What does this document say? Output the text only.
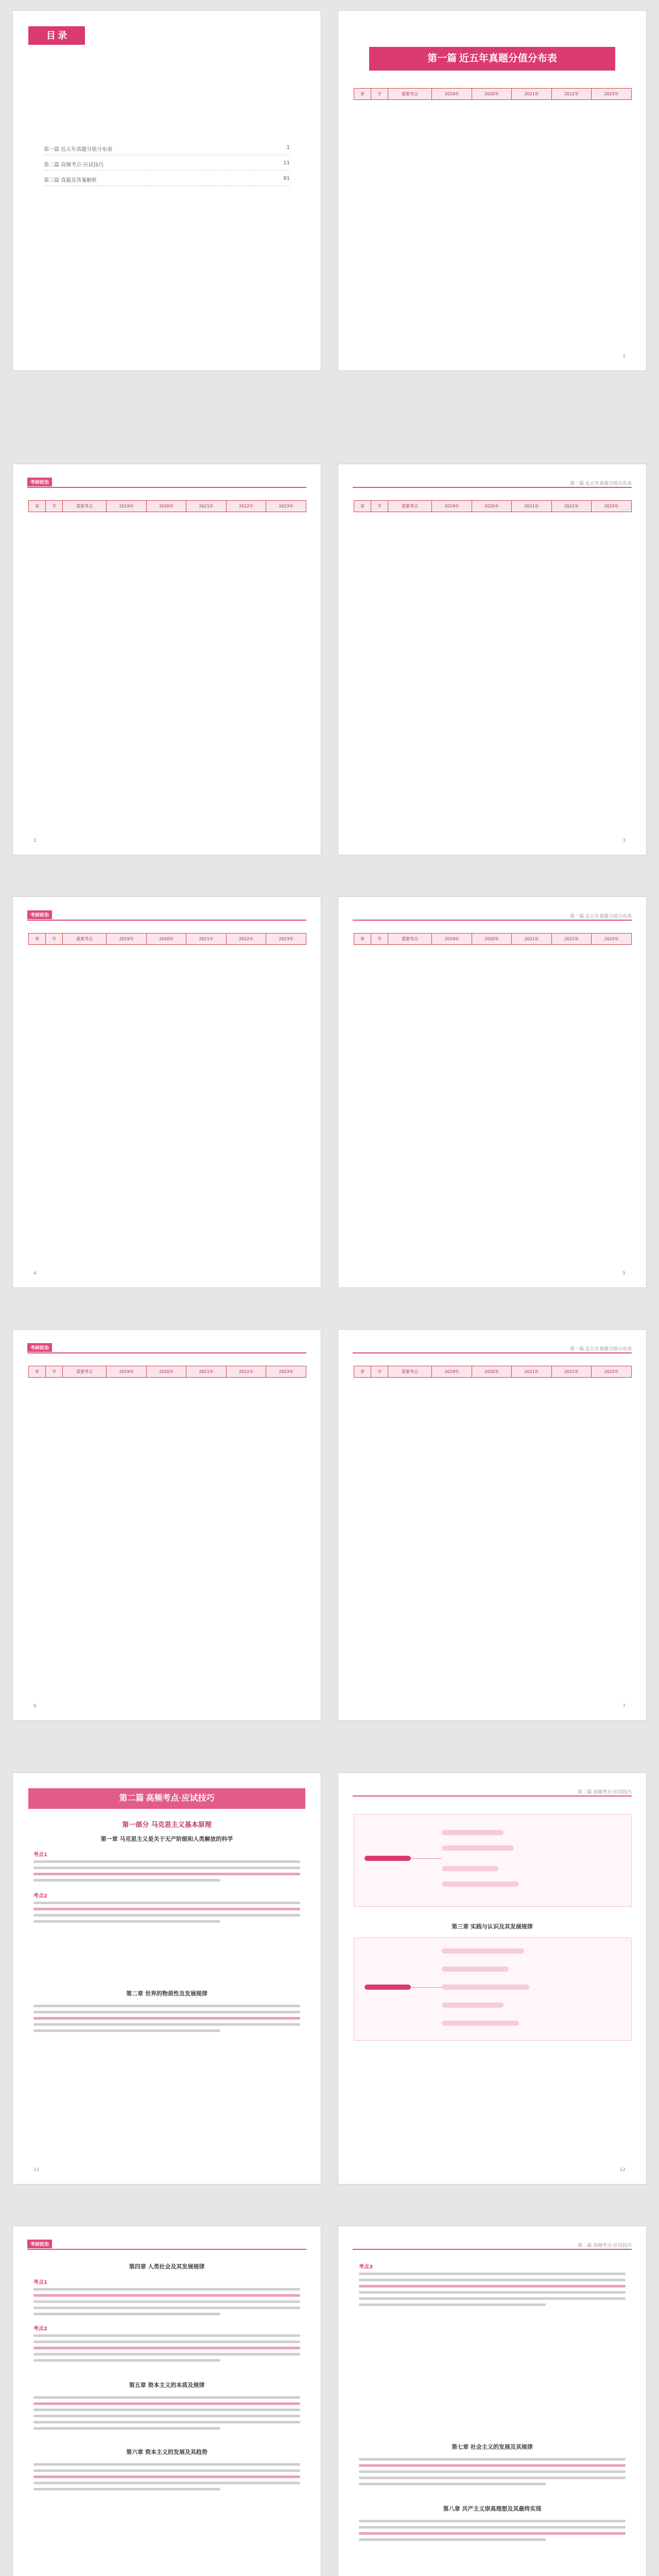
目 录
第一篇 近五年真题分值分布表	1
第二篇 高频考点·应试技巧	11
第三篇 真题及答案解析	91
第一篇 近五年真题分值分布表
章	节	重要考点	2019年	2020年	2021年	2022年	2023年
1
考研政治
章	节	重要考点	2019年	2020年	2021年	2022年	2023年
2
第一篇 近五年真题分值分布表
章	节	重要考点	2019年	2020年	2021年	2022年	2023年
3
考研政治
章	节	重要考点	2019年	2020年	2021年	2022年	2023年
4
第一篇 近五年真题分值分布表
章	节	重要考点	2019年	2020年	2021年	2022年	2023年
5
考研政治
章	节	重要考点	2019年	2020年	2021年	2022年	2023年
6
第一篇 近五年真题分值分布表
章	节	重要考点	2019年	2020年	2021年	2022年	2023年
7
第二篇 高频考点·应试技巧
第一部分 马克思主义基本原理
第一章 马克思主义是关于无产阶级和人类解放的科学
考点1
考点2
第二章 世界的物质性及发展规律
11
第二篇 高频考点·应试技巧
第三章 实践与认识及其发展规律
12
考研政治
第四章 人类社会及其发展规律
考点1
考点2
第五章 资本主义的本质及规律
第六章 资本主义的发展及其趋势
第二篇 高频考点·应试技巧
考点3
第七章 社会主义的发展及其规律
第八章 共产主义崇高理想及其最终实现
